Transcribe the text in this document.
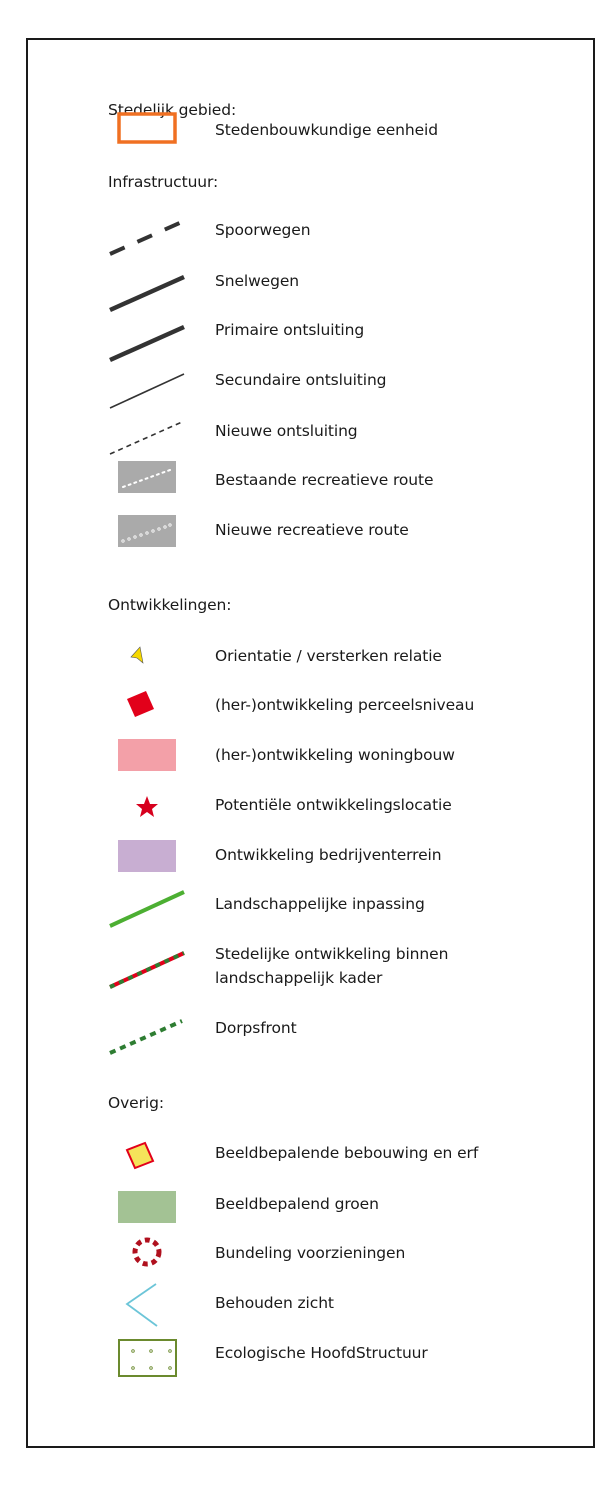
Stedelijk gebied:
Stedenbouwkundige eenheid
Infrastructuur:
Spoorwegen
Snelwegen
Primaire ontsluiting
Secundaire ontsluiting
Nieuwe ontsluiting
Bestaande recreatieve route
Nieuwe recreatieve route
Ontwikkelingen:
Orientatie / versterken relatie
(her-)ontwikkeling perceelsniveau
(her-)ontwikkeling woningbouw
Potentiële ontwikkelingslocatie
Ontwikkeling bedrijventerrein
Landschappelijke inpassing
Stedelijke ontwikkeling binnen
landschappelijk kader
Dorpsfront
Overig:
Beeldbepalende bebouwing en erf
Beeldbepalend groen
Bundeling voorzieningen
Behouden zicht
Ecologische HoofdStructuur
